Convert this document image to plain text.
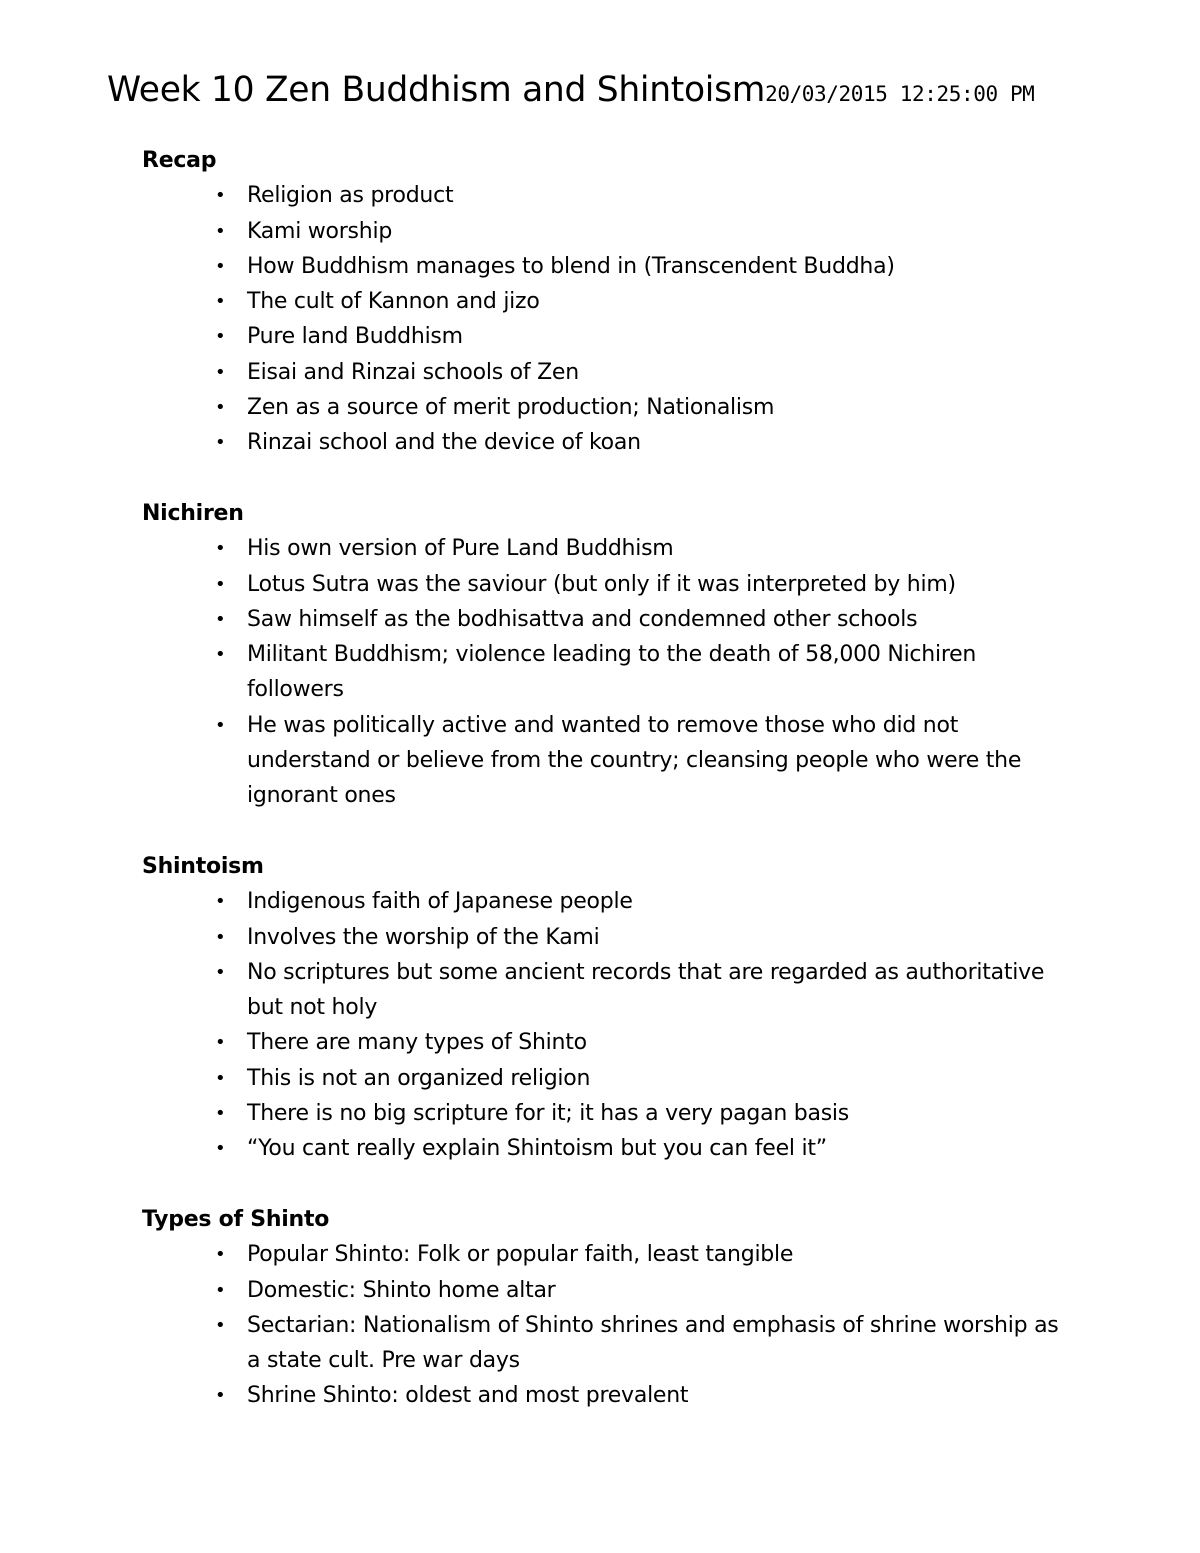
Week 10 Zen Buddhism and Shintoism20/03/2015 12:25:00 PM
Recap
• Religion as product
• Kami worship
• How Buddhism manages to blend in (Transcendent Buddha)
• The cult of Kannon and jizo
• Pure land Buddhism
• Eisai and Rinzai schools of Zen
• Zen as a source of merit production; Nationalism
• Rinzai school and the device of koan
Nichiren
• His own version of Pure Land Buddhism
• Lotus Sutra was the saviour (but only if it was interpreted by him)
• Saw himself as the bodhisattva and condemned other schools
• Militant Buddhism; violence leading to the death of 58,000 Nichiren followers
• He was politically active and wanted to remove those who did not understand or believe from the country; cleansing people who were the ignorant ones
Shintoism
• Indigenous faith of Japanese people
• Involves the worship of the Kami
• No scriptures but some ancient records that are regarded as authoritative but not holy
• There are many types of Shinto
• This is not an organized religion
• There is no big scripture for it; it has a very pagan basis
• “You cant really explain Shintoism but you can feel it”
Types of Shinto
• Popular Shinto: Folk or popular faith, least tangible
• Domestic: Shinto home altar
• Sectarian: Nationalism of Shinto shrines and emphasis of shrine worship as a state cult. Pre war days
• Shrine Shinto: oldest and most prevalent
